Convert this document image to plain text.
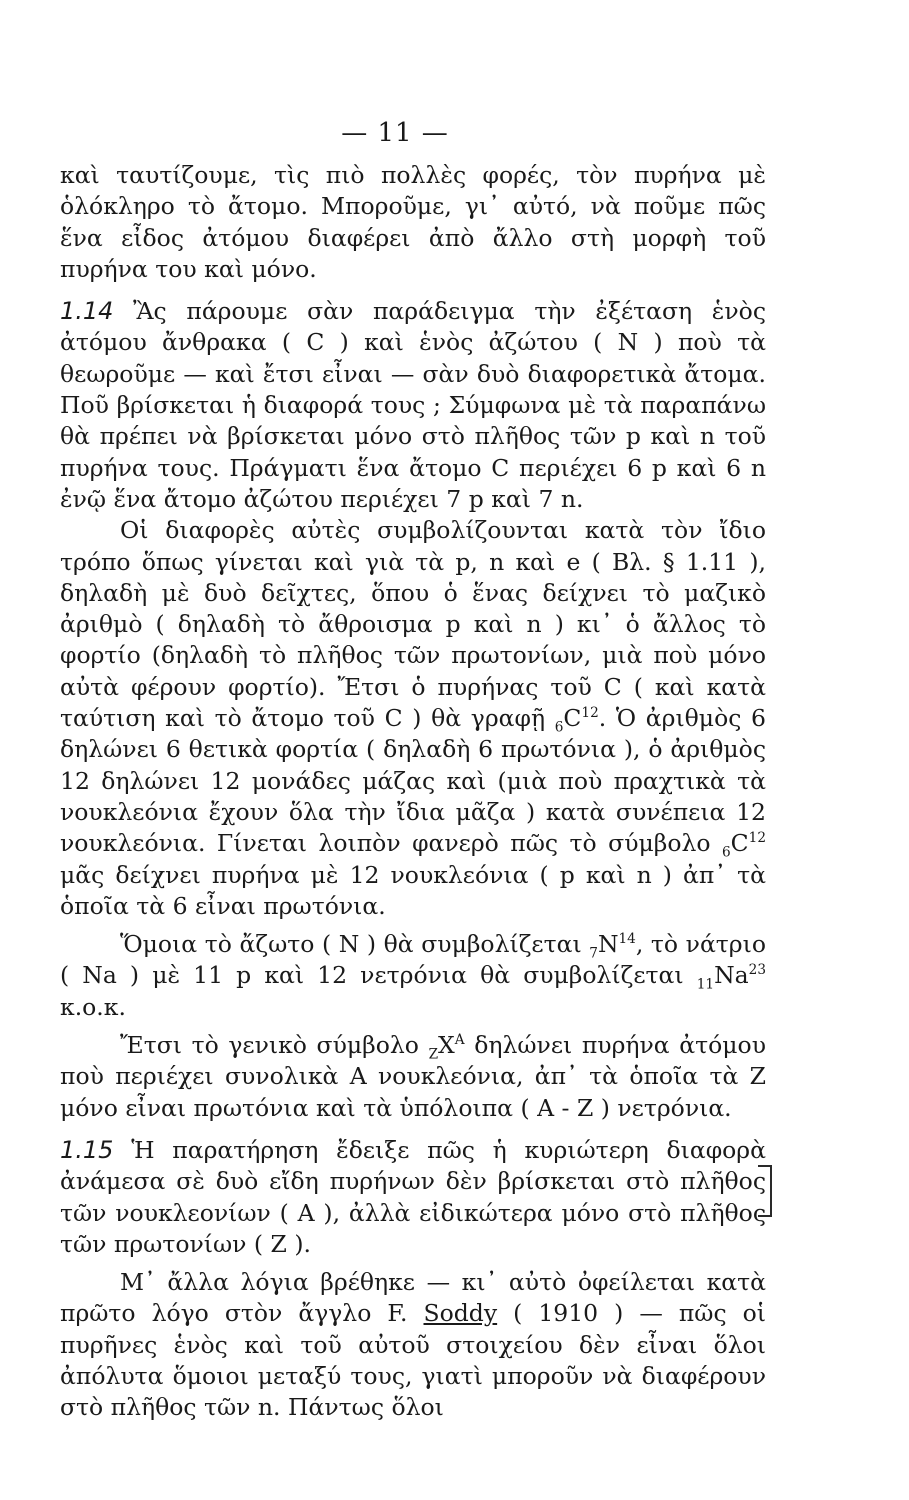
— 11 —

καὶ ταυτίζουμε, τὶς πιὸ πολλὲς φορές, τὸν πυρήνα μὲ ὁλόκληρο τὸ ἄτομο. Μποροῦμε, γι᾿ αὐτό, νὰ ποῦμε πῶς ἕνα εἶδος ἀτόμου διαφέρει ἀπὸ ἄλλο στὴ μορφὴ τοῦ πυρήνα του καὶ μόνο.

1.14 Ἂς πάρουμε σὰν παράδειγμα τὴν ἐξέταση ἑνὸς ἀτόμου ἄνθρακα ( C ) καὶ ἑνὸς ἀζώτου ( N ) ποὺ τὰ θεωροῦμε — καὶ ἔτσι εἶναι — σὰν δυὸ διαφορετικὰ ἄτομα. Ποῦ βρίσκεται ἡ διαφορά τους ; Σύμφωνα μὲ τὰ παραπάνω θὰ πρέπει νὰ βρίσκεται μόνο στὸ πλῆθος τῶν p καὶ n τοῦ πυρήνα τους. Πράγματι ἕνα ἄτομο C περιέχει 6 p καὶ 6 n ἐνῷ ἕνα ἄτομο ἀζώτου περιέχει 7 p καὶ 7 n.

Οἱ διαφορὲς αὐτὲς συμβολίζουνται κατὰ τὸν ἴδιο τρόπο ὅπως γίνεται καὶ γιὰ τὰ p, n καὶ e ( Βλ. § 1.11 ), δηλαδὴ μὲ δυὸ δεῖχτες, ὅπου ὁ ἕνας δείχνει τὸ μαζικὸ ἀριθμὸ ( δηλαδὴ τὸ ἄθροισμα p καὶ n ) κι᾿ ὁ ἄλλος τὸ φορτίο (δηλαδὴ τὸ πλῆθος τῶν πρωτονίων, μιὰ ποὺ μόνο αὐτὰ φέρουν φορτίο). Ἔτσι ὁ πυρήνας τοῦ C ( καὶ κατὰ ταύτιση καὶ τὸ ἄτομο τοῦ C ) θὰ γραφῇ $_6C^{12}$. Ὁ ἀριθμὸς 6 δηλώνει 6 θετικὰ φορτία ( δηλαδὴ 6 πρωτόνια ), ὁ ἀριθμὸς 12 δηλώνει 12 μονάδες μάζας καὶ (μιὰ ποὺ πραχτικὰ τὰ νουκλεόνια ἔχουν ὅλα τὴν ἴδια μᾶζα ) κατὰ συνέπεια 12 νουκλεόνια. Γίνεται λοιπὸν φανερὸ πῶς τὸ σύμβολο $_6C^{12}$ μᾶς δείχνει πυρήνα μὲ 12 νουκλεόνια ( p καὶ n ) ἀπ᾿ τὰ ὁποῖα τὰ 6 εἶναι πρωτόνια.

Ὅμοια τὸ ἄζωτο ( N ) θὰ συμβολίζεται $_7N^{14}$, τὸ νάτριο ( Na ) μὲ 11 p καὶ 12 νετρόνια θὰ συμβολίζεται $_{11}Na^{23}$ κ.ο.κ.

Ἔτσι τὸ γενικὸ σύμβολο $_ZX^A$ δηλώνει πυρήνα ἀτόμου ποὺ περιέχει συνολικὰ A νουκλεόνια, ἀπ᾿ τὰ ὁποῖα τὰ Z μόνο εἶναι πρωτόνια καὶ τὰ ὑπόλοιπα ( A - Z ) νετρόνια.

1.15 Ἡ παρατήρηση ἔδειξε πῶς ἡ κυριώτερη διαφορὰ ἀνάμεσα σὲ δυὸ εἴδη πυρήνων δὲν βρίσκεται στὸ πλῆθος τῶν νουκλεονίων ( A ), ἀλλὰ εἰδικώτερα μόνο στὸ πλῆθος τῶν πρωτονίων ( Z ).

Μ᾿ ἄλλα λόγια βρέθηκε — κι᾿ αὐτὸ ὀφείλεται κατὰ πρῶτο λόγο στὸν ἄγγλο F. Soddy ( 1910 ) — πῶς οἱ πυρῆνες ἑνὸς καὶ τοῦ αὐτοῦ στοιχείου δὲν εἶναι ὅλοι ἀπόλυτα ὅμοιοι μεταξύ τους, γιατὶ μποροῦν νὰ διαφέρουν στὸ πλῆθος τῶν n. Πάντως ὅλοι
